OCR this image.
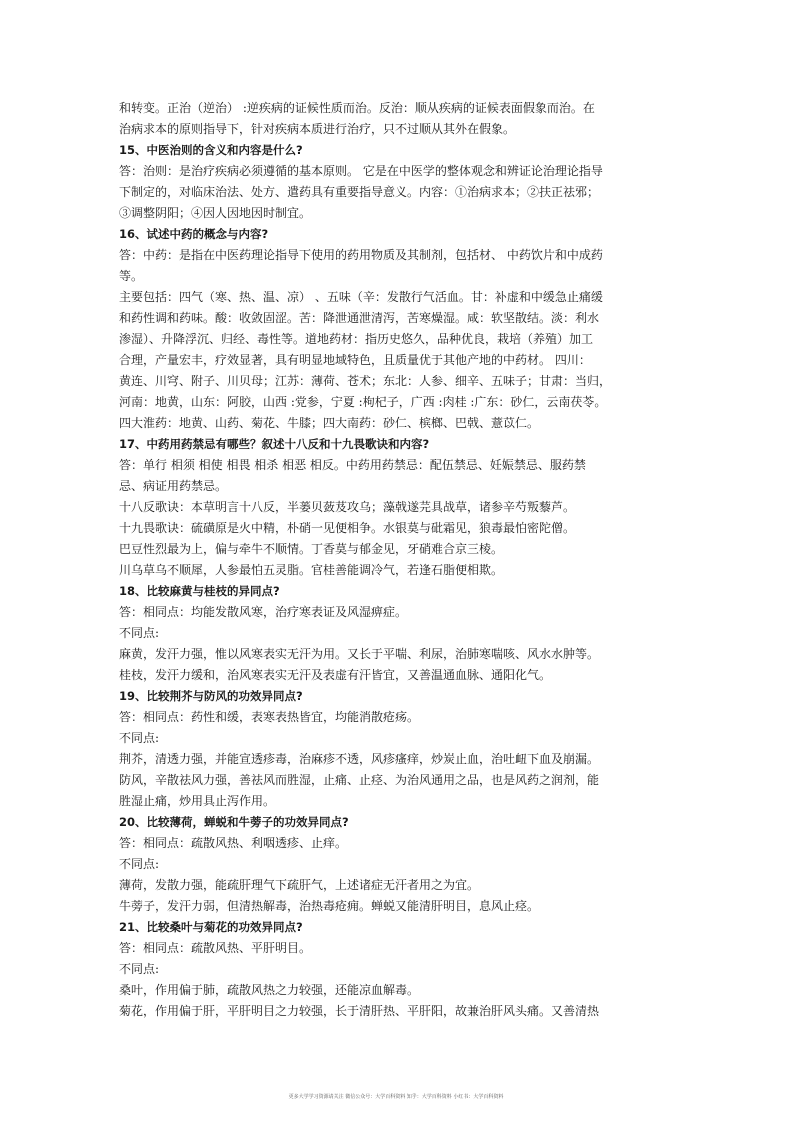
和转变。正治（逆治） :逆疾病的证候性质而治。反治：顺从疾病的证候表面假象而治。在
治病求本的原则指导下，针对疾病本质进行治疗，只不过顺从其外在假象。
15、中医治则的含义和内容是什么?
答：治则：是治疗疾病必须遵循的基本原则。 它是在中医学的整体观念和辨证论治理论指导
下制定的，对临床治法、处方、遣药具有重要指导意义。内容：①治病求本；②扶正祛邪；
③调整阴阳；④因人因地因时制宜。
16、试述中药的概念与内容?
答：中药：是指在中医药理论指导下使用的药用物质及其制剂，包括材、 中药饮片和中成药
等。
主要包括：四气（寒、热、温、凉） 、五味（辛：发散行气活血。甘：补虚和中缓急止痛缓
和药性调和药味。酸：收敛固涩。苦：降泄通泄清泻，苦寒燥湿。咸：软坚散结。淡：利水
渗湿）、升降浮沉、归经、毒性等。道地药材：指历史悠久，品种优良，栽培（养殖）加工
合理，产量宏丰，疗效显著，具有明显地域特色，且质量优于其他产地的中药材。 四川：
黄连、川穹、附子、川贝母；江苏：薄荷、苍术；东北：人参、细辛、五味子；甘肃：当归，
河南：地黄，山东：阿胶，山西 :党参，宁夏 :枸杞子，广西 :肉桂 :广东：砂仁，云南茯苓。
四大淮药：地黄、山药、菊花、牛膝；四大南药：砂仁、槟榔、巴戟、薏苡仁。
17、中药用药禁忌有哪些？叙述十八反和十九畏歌诀和内容?
答：单行 相须 相使 相畏 相杀 相恶 相反。中药用药禁忌：配伍禁忌、妊娠禁忌、服药禁
忌、病证用药禁忌。
十八反歌诀：本草明言十八反，半蒌贝蔹芨攻乌；藻戟遂芫具战草，诸参辛芍叛藜芦。
十九畏歌诀：硫磺原是火中精，朴硝一见便相争。水银莫与砒霜见，狼毒最怕密陀僧。
巴豆性烈最为上，偏与牵牛不顺情。丁香莫与郁金见，牙硝难合京三棱。
川乌草乌不顺犀，人参最怕五灵脂。官桂善能调冷气，若逢石脂便相欺。
18、比较麻黄与桂枝的异同点?
答：相同点：均能发散风寒，治疗寒表证及风湿痹症。
不同点:
麻黄，发汗力强，惟以风寒表实无汗为用。又长于平喘、利尿，治肺寒喘咳、风水水肿等。
桂枝，发汗力缓和，治风寒表实无汗及表虚有汗皆宜，又善温通血脉、通阳化气。
19、比较荆芥与防风的功效异同点?
答：相同点：药性和缓，表寒表热皆宜，均能消散疮疡。
不同点:
荆芥，清透力强，并能宣透疹毒，治麻疹不透，风疹瘙痒，炒炭止血，治吐衄下血及崩漏。
防风，辛散祛风力强，善祛风而胜湿，止痛、止痉、为治风通用之品，也是风药之润剂，能
胜湿止痛，炒用具止泻作用。
20、比较薄荷，蝉蜕和牛蒡子的功效异同点?
答：相同点：疏散风热、利咽透疹、止痒。
不同点:
薄荷，发散力强，能疏肝理气下疏肝气，上述诸症无汗者用之为宜。
牛蒡子，发汗力弱，但清热解毒，治热毒疮痈。蝉蜕又能清肝明目，息风止痉。
21、比较桑叶与菊花的功效异同点?
答：相同点：疏散风热、平肝明目。
不同点:
桑叶，作用偏于肺，疏散风热之力较强，还能凉血解毒。
菊花，作用偏于肝，平肝明目之力较强，长于清肝热、平肝阳，故兼治肝风头痛。又善清热
更多大学学习资源请关注 微信公众号：大学百科资料 知乎：大学百科资料 小红书：大学百科资料
